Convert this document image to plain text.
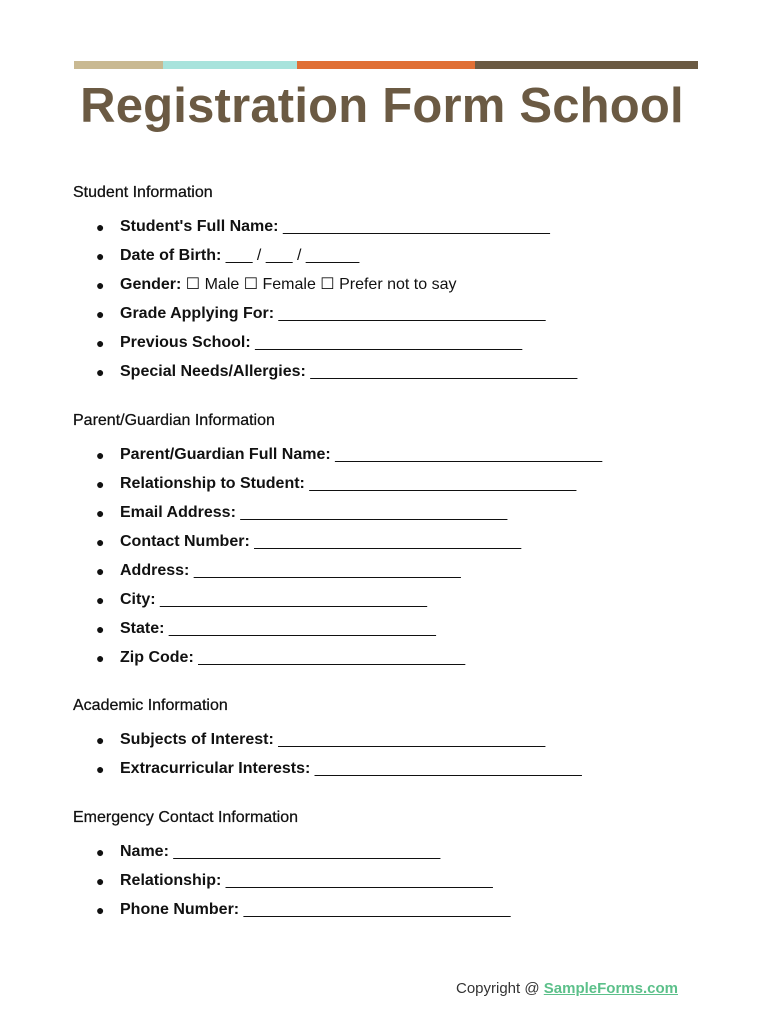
Registration Form School
Student Information
● Student's Full Name: ______________________________
● Date of Birth: ___ / ___ / ______
● Gender: ☐ Male ☐ Female ☐ Prefer not to say
● Grade Applying For: ______________________________
● Previous School: ______________________________
● Special Needs/Allergies: ______________________________
Parent/Guardian Information
● Parent/Guardian Full Name: ______________________________
● Relationship to Student: ______________________________
● Email Address: ______________________________
● Contact Number: ______________________________
● Address: ______________________________
● City: ______________________________
● State: ______________________________
● Zip Code: ______________________________
Academic Information
● Subjects of Interest: ______________________________
● Extracurricular Interests: ______________________________
Emergency Contact Information
● Name: ______________________________
● Relationship: ______________________________
● Phone Number: ______________________________
Copyright @ SampleForms.com
